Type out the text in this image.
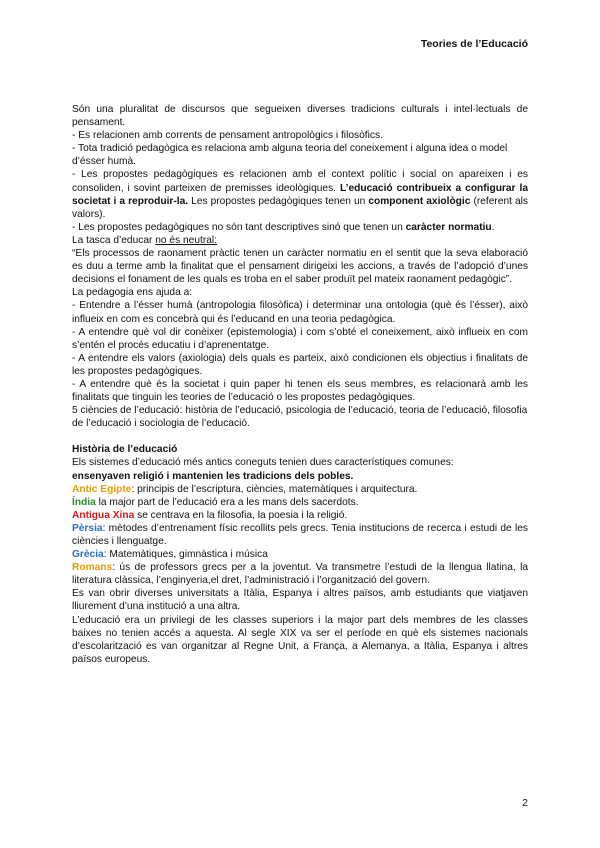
Teories de l’Educació

Són una pluralitat de discursos que segueixen diverses tradicions culturals i intel·lectuals de pensament.

- Es relacionen amb corrents de pensament antropològics i filosòfics.

- Tota tradició pedagògica es relaciona amb alguna teoria del coneixement i alguna idea o model d’ésser humà.

- Les propostes pedagògiques es relacionen amb el context polític i social on apareixen i es consoliden, i sovint parteixen de premisses ideològiques. L’educació contribueix a configurar la societat i a reproduir-la. Les propostes pedagògiques tenen un component axiològic (referent als valors).

- Les propostes pedagògiques no són tant descriptives sinó que tenen un caràcter normatiu.

La tasca d’educar no és neutral:

“Els processos de raonament pràctic tenen un caràcter normatiu en el sentit que la seva elaboració es duu a terme amb la finalitat que el pensament dirigeixi les accions, a través de l’adopció d’unes decisions el fonament de les quals es troba en el saber produït pel mateix raonament pedagògic”.

La pedagogia ens ajuda a:

- Entendre a l’ésser humà (antropologia filosòfica) i determinar una ontologia (què és l’ésser), això influeix en com es concebrà qui és l’educand en una teoria pedagògica.

- A entendre què vol dir conèixer (epistemologia) i com s’obté el coneixement, això influeix en com s’entén el procés educatiu i d’aprenentatge.

- A entendre els valors (axiologia) dels quals es parteix, això condicionen els objectius i finalitats de les propostes pedagògiques.

- A entendre què és la societat i quin paper hi tenen els seus membres, es relacionarà amb les finalitats que tinguin les teories de l’educació o les propostes pedagògiques.

5 ciències de l’educació: història de l’educació, psicologia de l’educació, teoria de l’educació, filosofia de l’educació i sociologia de l’educació.

Història de l’educació

Els sistemes d’educació més antics coneguts tenien dues característiques comunes:

ensenyaven religió i mantenien les tradicions dels pobles.

Antic Egipte: principis de l’escriptura, ciències, matemàtiques i arquitectura.

Índia la major part de l’educació era a les mans dels sacerdots.

Antigua Xina se centrava en la filosofia, la poesia i la religió.

Pèrsia: mètodes d’entrenament físic recollits pels grecs. Tenia institucions de recerca i estudi de les ciències i llenguatge.

Grècia: Matemàtiques, gimnàstica i música

Romans: ús de professors grecs per a la joventut. Va transmetre l’estudi de la llengua llatina, la literatura clàssica, l’enginyeria,el dret, l’administració i l’organització del govern.

Es van obrir diverses universitats a Itàlia, Espanya i altres països, amb estudiants que viatjaven lliurement d’una institució a una altra.

L’educació era un privilegi de les classes superiors i la major part dels membres de les classes baixes no tenien accés a aquesta. Al segle XIX va ser el període en què els sistemes nacionals d’escolarització es van organitzar al Regne Unit, a França, a Alemanya, a Itàlia, Espanya i altres països europeus.

2
